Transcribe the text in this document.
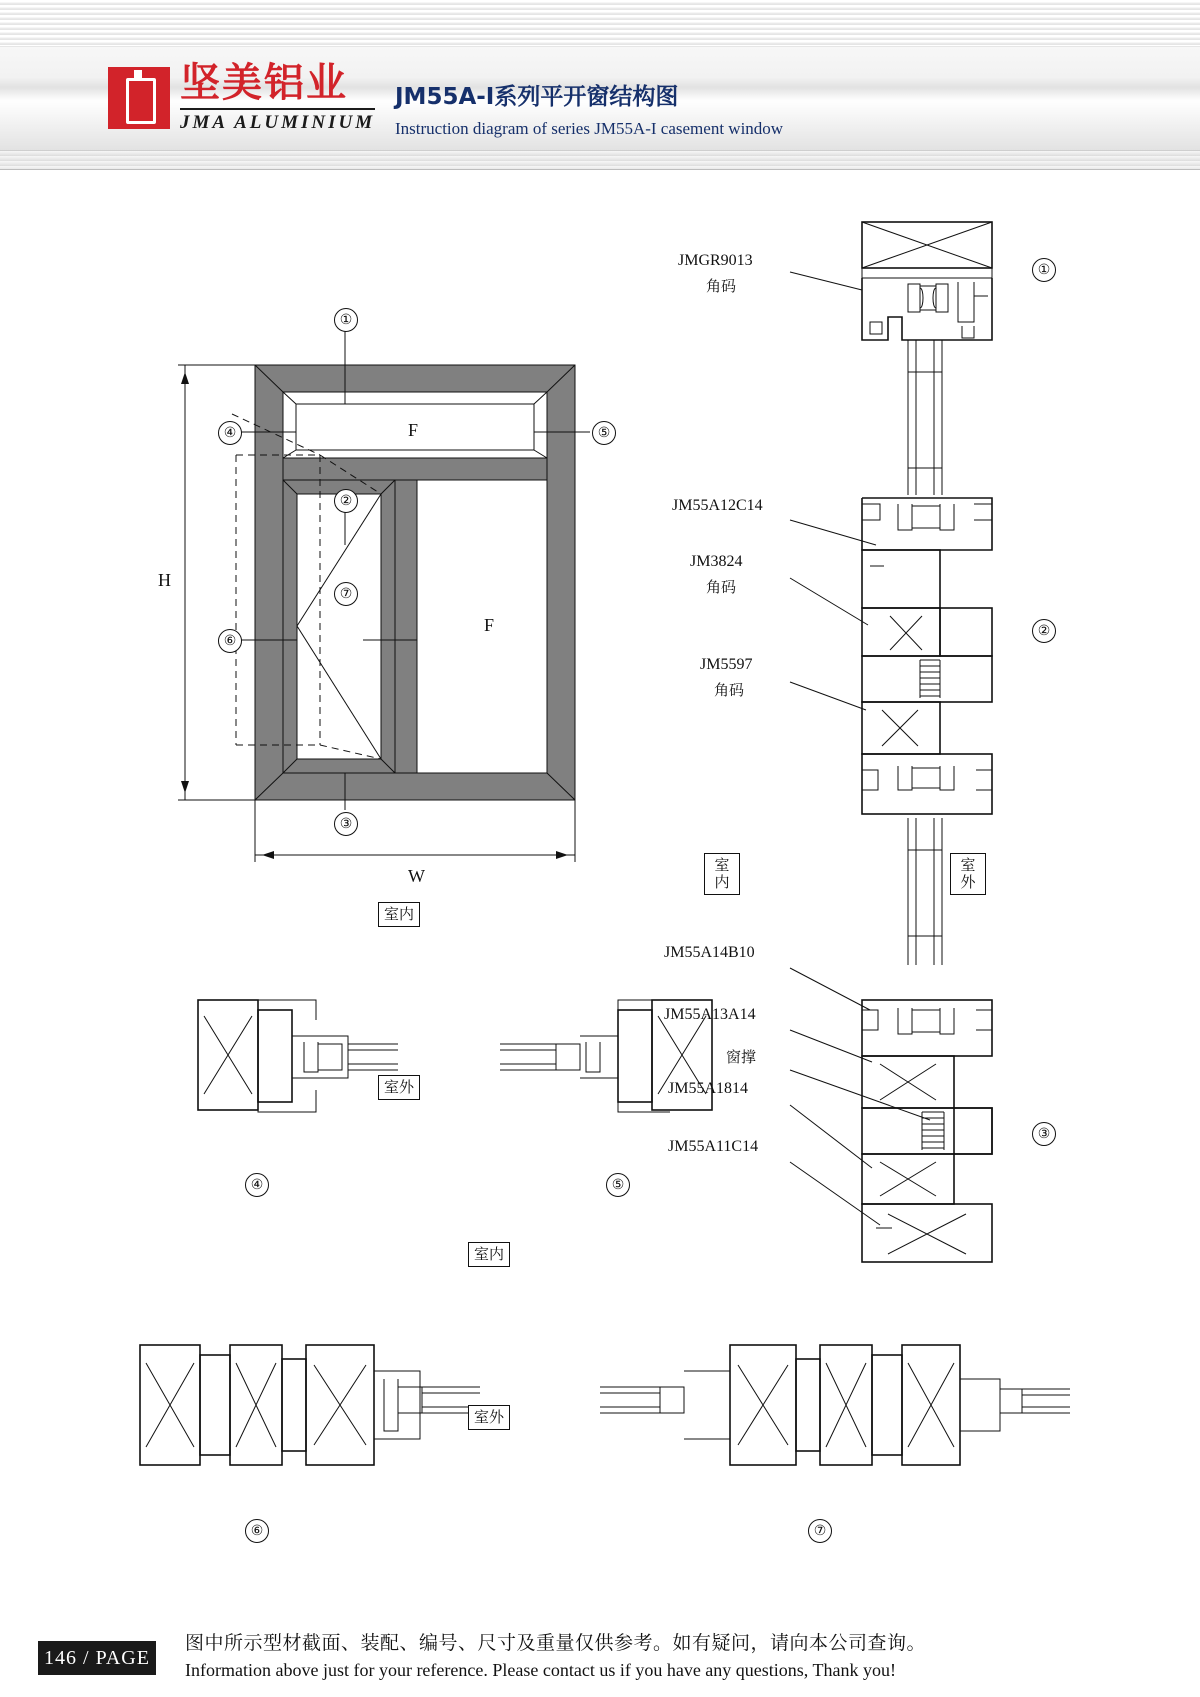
坚美铝业
JMA ALUMINIUM
JM55A-I系列平开窗结构图
Instruction diagram of series JM55A-I casement window
①
④	⑤
②
⑥
⑦
③
H
W
F
F
①
②
③
④	⑤
⑥	⑦
JMGR9013
角码
JM55A12C14
JM3824
角码
JM5597
角码
JM55A14B10
JM55A13A14
窗撑
JM55A1814
JM55A11C14
室内
室外
室内
室外
室内
室外
146 / PAGE
图中所示型材截面、装配、编号、尺寸及重量仅供参考。如有疑问，请向本公司查询。
Information above just for your reference. Please contact us if you have any questions, Thank you!
